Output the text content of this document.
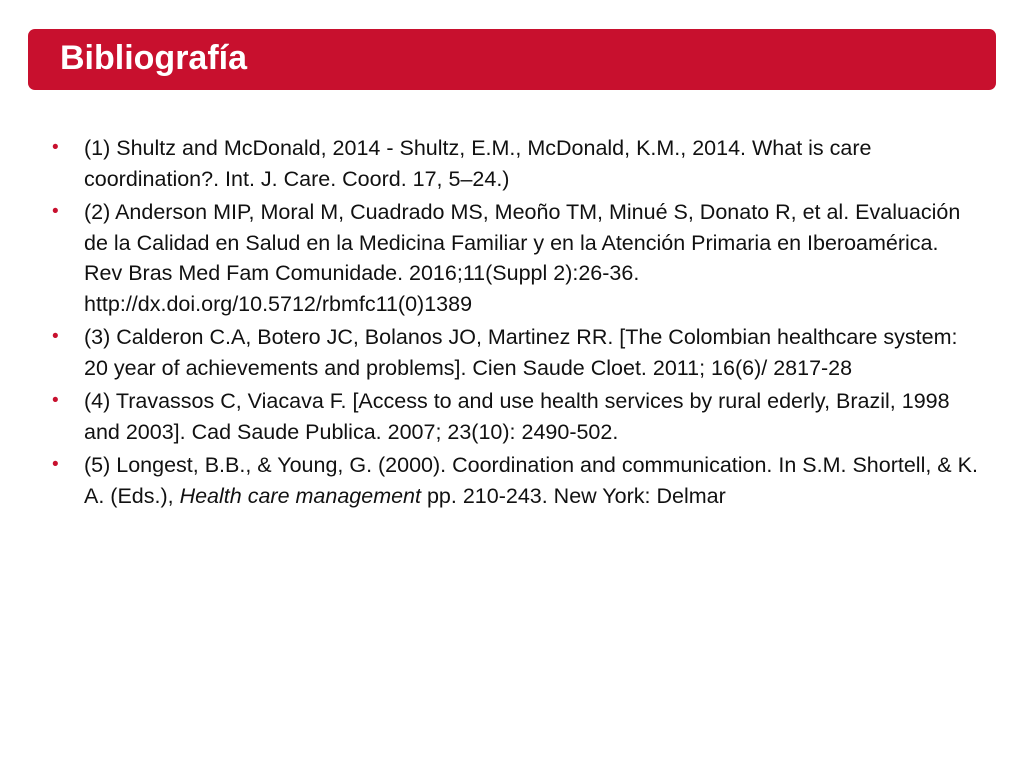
Bibliografía
• (1) Shultz and McDonald, 2014 - Shultz, E.M., McDonald, K.M., 2014. What is care coordination?. Int. J. Care. Coord. 17, 5–24.)
• (2) Anderson MIP, Moral M, Cuadrado MS, Meoño TM, Minué S, Donato R, et al. Evaluación de la Calidad en Salud en la Medicina Familiar y en la Atención Primaria en Iberoamérica. Rev Bras Med Fam Comunidade. 2016;11(Suppl 2):26-36. http://dx.doi.org/10.5712/rbmfc11(0)1389
• (3) Calderon C.A, Botero JC, Bolanos JO, Martinez RR. [The Colombian healthcare system: 20 year of achievements and problems]. Cien Saude Cloet. 2011; 16(6)/ 2817-28
• (4) Travassos C, Viacava F. [Access to and use health services by rural ederly, Brazil, 1998 and 2003]. Cad Saude Publica. 2007; 23(10): 2490-502.
• (5) Longest, B.B., & Young, G. (2000). Coordination and communication. In S.M. Shortell, & K. A. (Eds.), Health care management pp. 210-243. New York: Delmar
